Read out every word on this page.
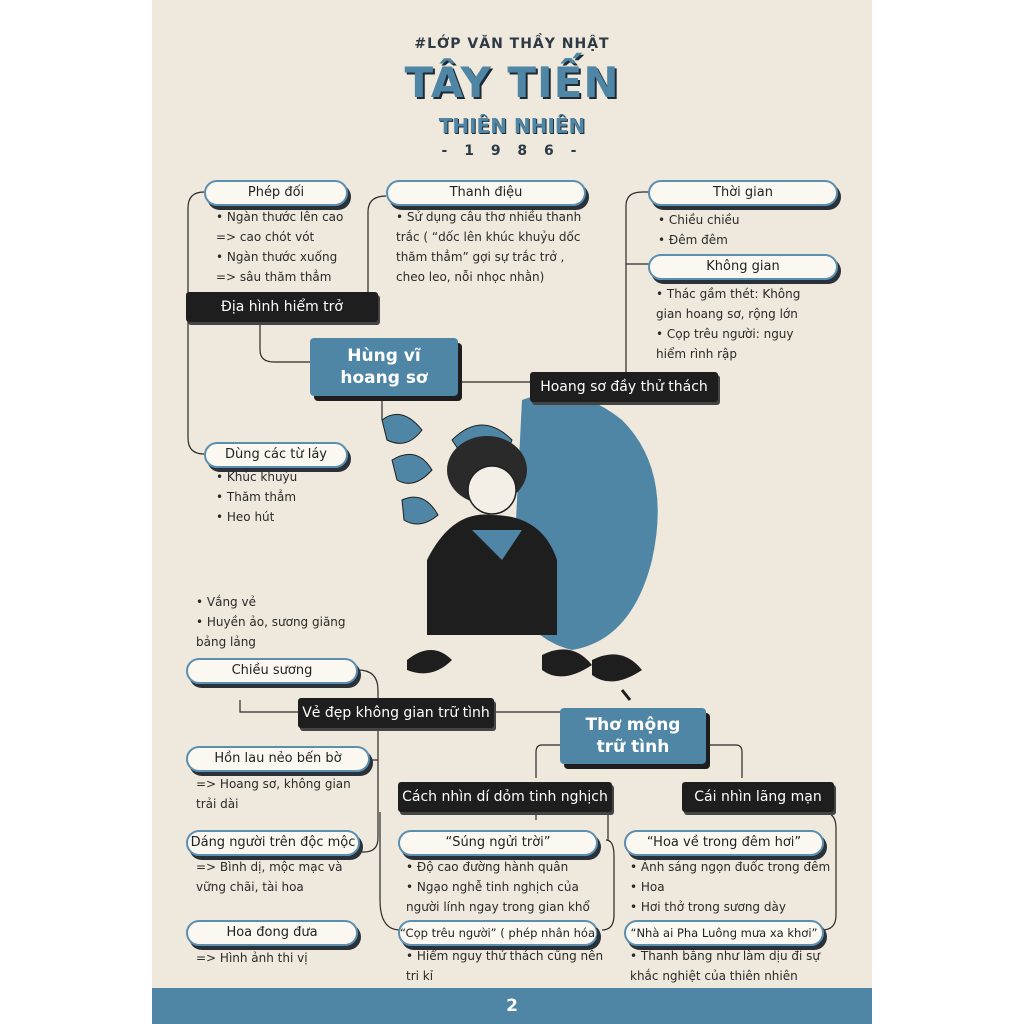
#LỚP VĂN THẦY NHẬT
TÂY TIẾN
THIÊN NHIÊN
- 1 9 8 6 -
Phép đối
• Ngàn thước lên cao
=> cao chót vót
• Ngàn thước xuống
=> sâu thăm thẳm
Thanh điệu
• Sử dụng câu thơ nhiều thanh
trắc ( “dốc lên khúc khuỷu dốc
thăm thẳm” gợi sự trắc trở ,
cheo leo, nỗi nhọc nhằn)
Địa hình hiểm trở
Hùng vĩ
hoang sơ	Hoang sơ đầy thử thách
Thời gian
• Chiều chiều
• Đêm đêm
Không gian
• Thác gầm thét: Không
gian hoang sơ, rộng lớn
• Cọp trêu người: nguy
hiểm rình rập
Dùng các từ láy
• Khúc khuỷu
• Thăm thẳm
• Heo hút
• Vắng vẻ
• Huyền ảo, sương giăng
bảng lảng
Chiều sương
Vẻ đẹp không gian trữ tình
Hồn lau nẻo bến bờ
=> Hoang sơ, không gian
trải dài
Dáng người trên độc mộc
=> Bình dị, mộc mạc và
vững chãi, tài hoa
Hoa đong đưa
=> Hình ảnh thi vị
Thơ mộng
trữ tình
Cách nhìn dí dỏm tinh nghịch	Cái nhìn lãng mạn
“Súng ngửi trời”
• Độ cao đường hành quân
• Ngạo nghễ tinh nghịch của
người lính ngay trong gian khổ
“Cọp trêu người” ( phép nhân hóa)
• Hiểm nguy thử thách cũng nên
tri kỉ
“Hoa về trong đêm hơi”
• Ánh sáng ngọn đuốc trong đêm
• Hoa
• Hơi thở trong sương dày
“Nhà ai Pha Luông mưa xa khơi”
• Thanh bằng như làm dịu đi sự
khắc nghiệt của thiên nhiên
2
